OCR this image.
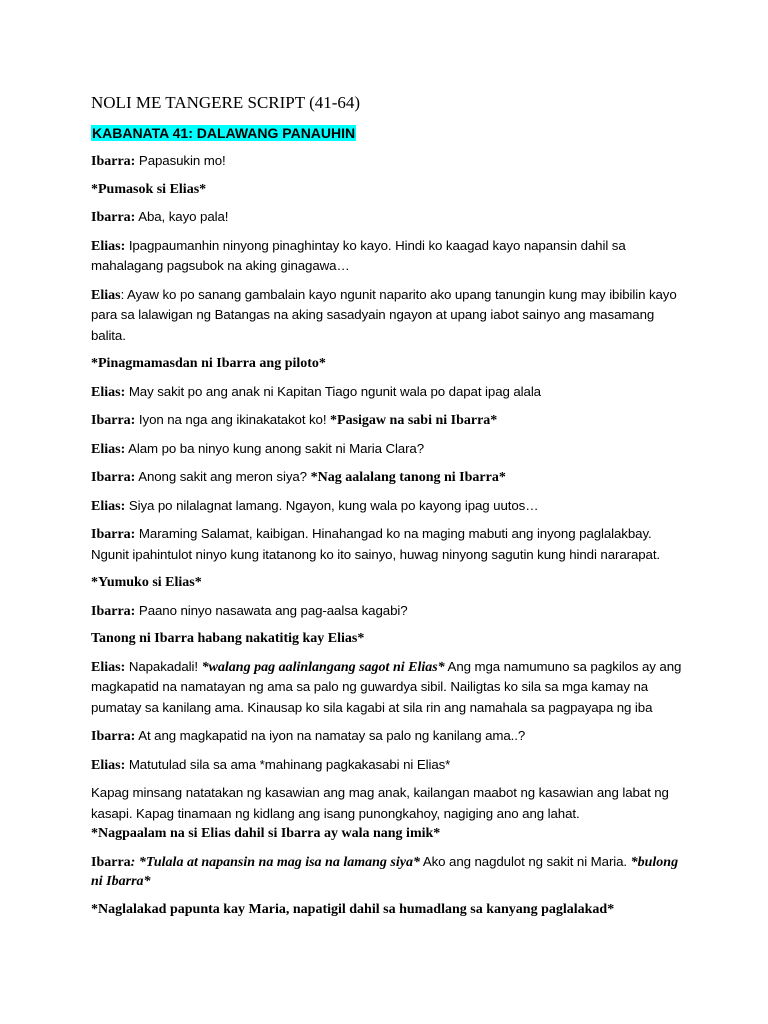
NOLI ME TANGERE SCRIPT (41-64)
KABANATA 41: DALAWANG PANAUHIN

Ibarra: Papasukin mo!

*Pumasok si Elias*

Ibarra: Aba, kayo pala!

Elias: Ipagpaumanhin ninyong pinaghintay ko kayo. Hindi ko kaagad kayo napansin dahil sa mahalagang pagsubok na aking ginagawa…

Elias: Ayaw ko po sanang gambalain kayo ngunit naparito ako upang tanungin kung may ibibilin kayo para sa lalawigan ng Batangas na aking sasadyain ngayon at upang iabot sainyo ang masamang balita.

*Pinagmamasdan ni Ibarra ang piloto*

Elias: May sakit po ang anak ni Kapitan Tiago ngunit wala po dapat ipag alala

Ibarra: Iyon na nga ang ikinakatakot ko! *Pasigaw na sabi ni Ibarra*

Elias: Alam po ba ninyo kung anong sakit ni Maria Clara?

Ibarra: Anong sakit ang meron siya? *Nag aalalang tanong ni Ibarra*

Elias: Siya po nilalagnat lamang. Ngayon, kung wala po kayong ipag uutos…

Ibarra: Maraming Salamat, kaibigan. Hinahangad ko na maging mabuti ang inyong paglalakbay. Ngunit ipahintulot ninyo kung itatanong ko ito sainyo, huwag ninyong sagutin kung hindi nararapat.

*Yumuko si Elias*

Ibarra: Paano ninyo nasawata ang pag-aalsa kagabi?

Tanong ni Ibarra habang nakatitig kay Elias*

Elias: Napakadali! *walang pag aalinlangang sagot ni Elias* Ang mga namumuno sa pagkilos ay ang magkapatid na namatayan ng ama sa palo ng guwardya sibil. Nailigtas ko sila sa mga kamay na pumatay sa kanilang ama. Kinausap ko sila kagabi at sila rin ang namahala sa pagpayapa ng iba

Ibarra: At ang magkapatid na iyon na namatay sa palo ng kanilang ama..?

Elias: Matutulad sila sa ama *mahinang pagkakasabi ni Elias*

Kapag minsang natatakan ng kasawian ang mag anak, kailangan maabot ng kasawian ang labat ng kasapi. Kapag tinamaan ng kidlang ang isang punongkahoy, nagiging ano ang lahat.

*Nagpaalam na si Elias dahil si Ibarra ay wala nang imik*

Ibarra: *Tulala at napansin na mag isa na lamang siya* Ako ang nagdulot ng sakit ni Maria. *bulong ni Ibarra*

*Naglalakad papunta kay Maria, napatigil dahil sa humadlang sa kanyang paglalakad*
